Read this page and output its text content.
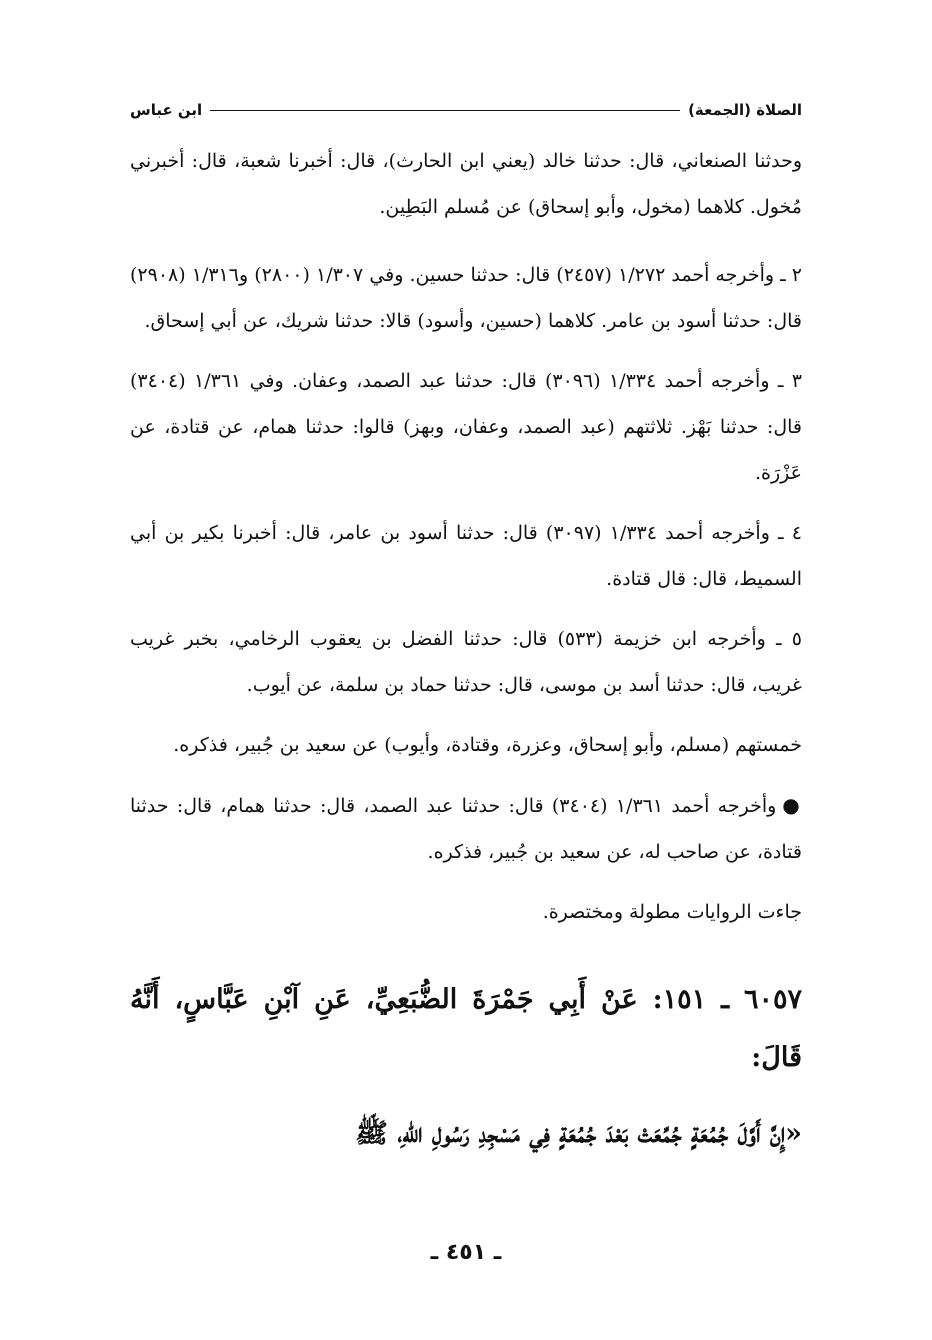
الصلاة (الجمعة)
ابن عباس

وحدثنا الصنعاني، قال: حدثنا خالد (يعني ابن الحارث)، قال: أخبرنا شعبة، قال: أخبرني مُخول. كلاهما (مخول، وأبو إسحاق) عن مُسلم البَطِين.

٢ ـ وأخرجه أحمد ١/٢٧٢ (٢٤٥٧) قال: حدثنا حسين. وفي ١/٣٠٧ (٢٨٠٠) و١/٣١٦ (٢٩٠٨) قال: حدثنا أسود بن عامر. كلاهما (حسين، وأسود) قالا: حدثنا شريك، عن أبي إسحاق.

٣ ـ وأخرجه أحمد ١/٣٣٤ (٣٠٩٦) قال: حدثنا عبد الصمد، وعفان. وفي ١/٣٦١ (٣٤٠٤) قال: حدثنا بَهْز. ثلاثتهم (عبد الصمد، وعفان، وبهز) قالوا: حدثنا همام، عن قتادة، عن عَزْرَة.

٤ ـ وأخرجه أحمد ١/٣٣٤ (٣٠٩٧) قال: حدثنا أسود بن عامر، قال: أخبرنا بكير بن أبي السميط، قال: قال قتادة.

٥ ـ وأخرجه ابن خزيمة (٥٣٣) قال: حدثنا الفضل بن يعقوب الرخامي، بخبر غريب غريب، قال: حدثنا أسد بن موسى، قال: حدثنا حماد بن سلمة، عن أيوب.

خمستهم (مسلم، وأبو إسحاق، وعزرة، وقتادة، وأيوب) عن سعيد بن جُبير، فذكره.

●وأخرجه أحمد ١/٣٦١ (٣٤٠٤) قال: حدثنا عبد الصمد، قال: حدثنا همام، قال: حدثنا قتادة، عن صاحب له، عن سعيد بن جُبير، فذكره.

جاءت الروايات مطولة ومختصرة.

٦٠٥٧ ـ ١٥١: عَنْ أَبِي جَمْرَةَ الضُّبَعِيِّ، عَنِ آبْنِ عَبَّاسٍ، أَنَّهُ قَالَ:
«إِنَّ أَوَّلَ جُمُعَةٍ جُمِّعَتْ بَعْدَ جُمُعَةٍ فِي مَسْجِدِ رَسُولِ اللّٰهِ، ﷺ
ـ ٤٥١ ـ
